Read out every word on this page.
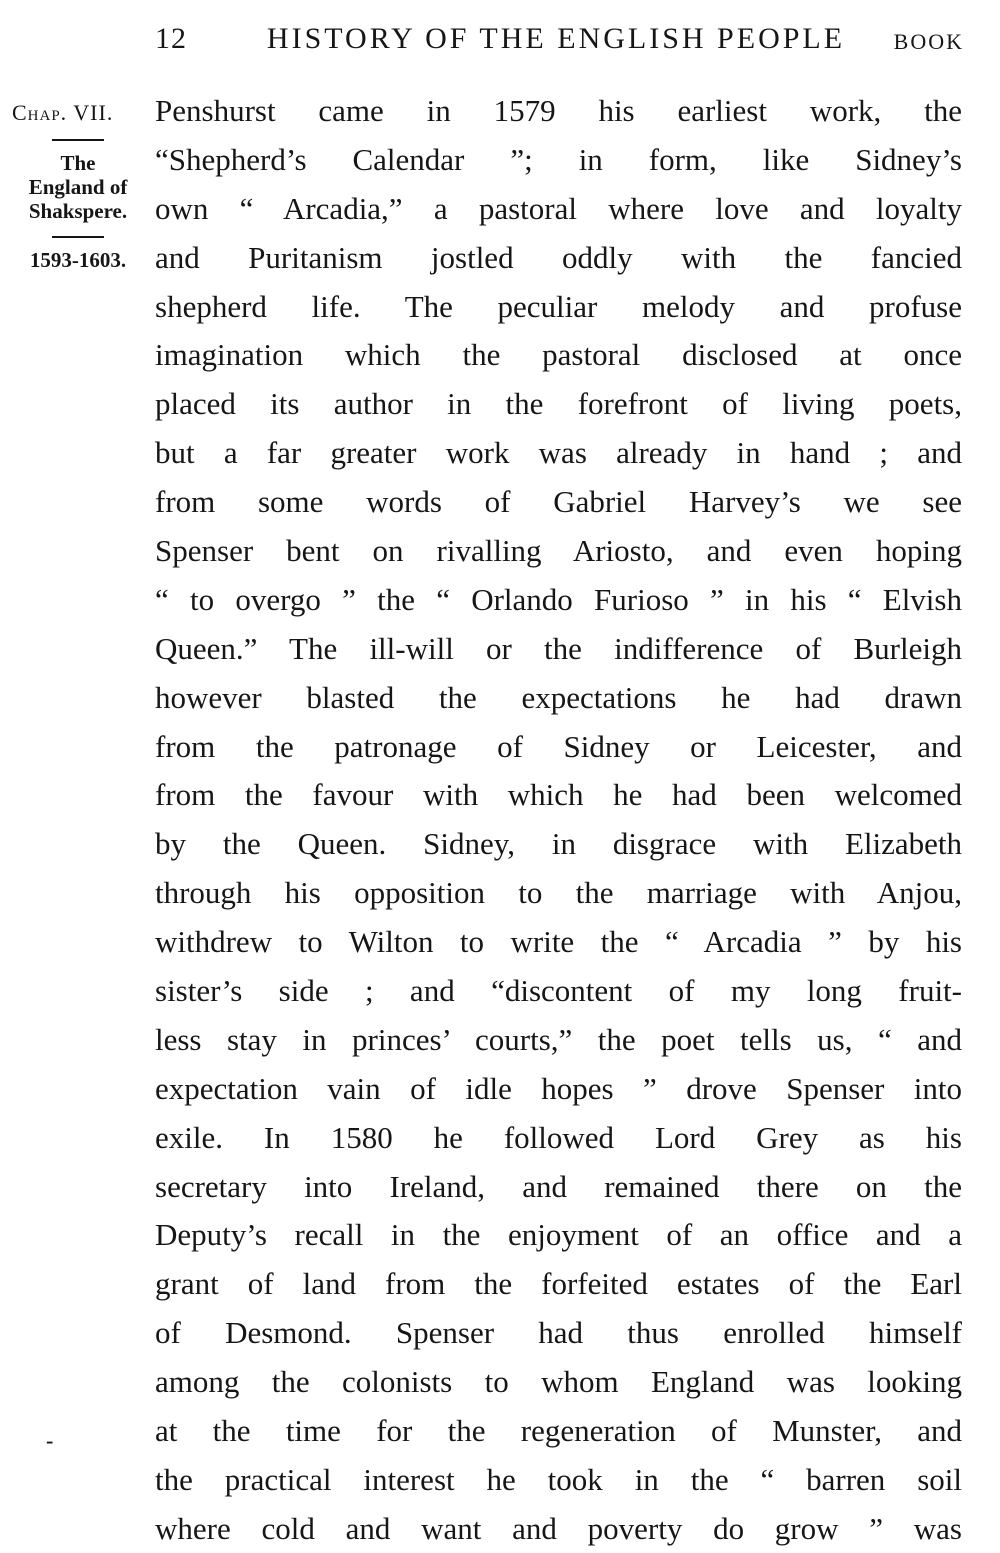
12	HISTORY OF THE ENGLISH PEOPLE BOOK
Chap. VII.
The
England of
Shakspere.
1593-1603.
-
Penshurst came in 1579 his earliest work, the
“Shepherd’s Calendar ”; in form, like Sidney’s
own “ Arcadia,” a pastoral where love and loyalty
and Puritanism jostled oddly with the fancied
shepherd life. The peculiar melody and profuse
imagination which the pastoral disclosed at once
placed its author in the forefront of living poets,
but a far greater work was already in hand ; and
from some words of Gabriel Harvey’s we see
Spenser bent on rivalling Ariosto, and even hoping
“ to overgo ” the “ Orlando Furioso ” in his “ Elvish
Queen.” The ill-will or the indifference of Burleigh
however blasted the expectations he had drawn
from the patronage of Sidney or Leicester, and
from the favour with which he had been welcomed
by the Queen. Sidney, in disgrace with Elizabeth
through his opposition to the marriage with Anjou,
withdrew to Wilton to write the “ Arcadia ” by his
sister’s side ; and “discontent of my long fruit-
less stay in princes’ courts,” the poet tells us, “ and
expectation vain of idle hopes ” drove Spenser into
exile. In 1580 he followed Lord Grey as his
secretary into Ireland, and remained there on the
Deputy’s recall in the enjoyment of an office and a
grant of land from the forfeited estates of the Earl
of Desmond. Spenser had thus enrolled himself
among the colonists to whom England was looking
at the time for the regeneration of Munster, and
the practical interest he took in the “ barren soil
where cold and want and poverty do grow ” was
